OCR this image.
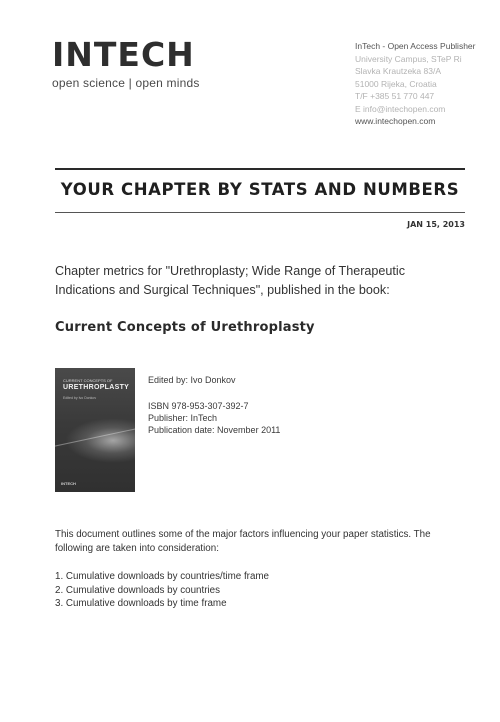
INTECH
open science | open minds
InTech - Open Access Publisher
University Campus, STeP Ri
Slavka Krautzeka 83/A
51000 Rijeka, Croatia
T/F +385 51 770 447
E info@intechopen.com
www.intechopen.com
YOUR CHAPTER BY STATS AND NUMBERS
JAN 15, 2013
Chapter metrics for "Urethroplasty; Wide Range of Therapeutic Indications and Surgical Techniques", published in the book:
Current Concepts of Urethroplasty
CURRENT CONCEPTS OF
URETHROPLASTY
Edited by Ivo Donkov
INTECH
Edited by: Ivo Donkov
ISBN 978-953-307-392-7
Publisher: InTech
Publication date: November 2011
This document outlines some of the major factors influencing your paper statistics. The following are taken into consideration:
1. Cumulative downloads by countries/time frame
2. Cumulative downloads by countries
3. Cumulative downloads by time frame
